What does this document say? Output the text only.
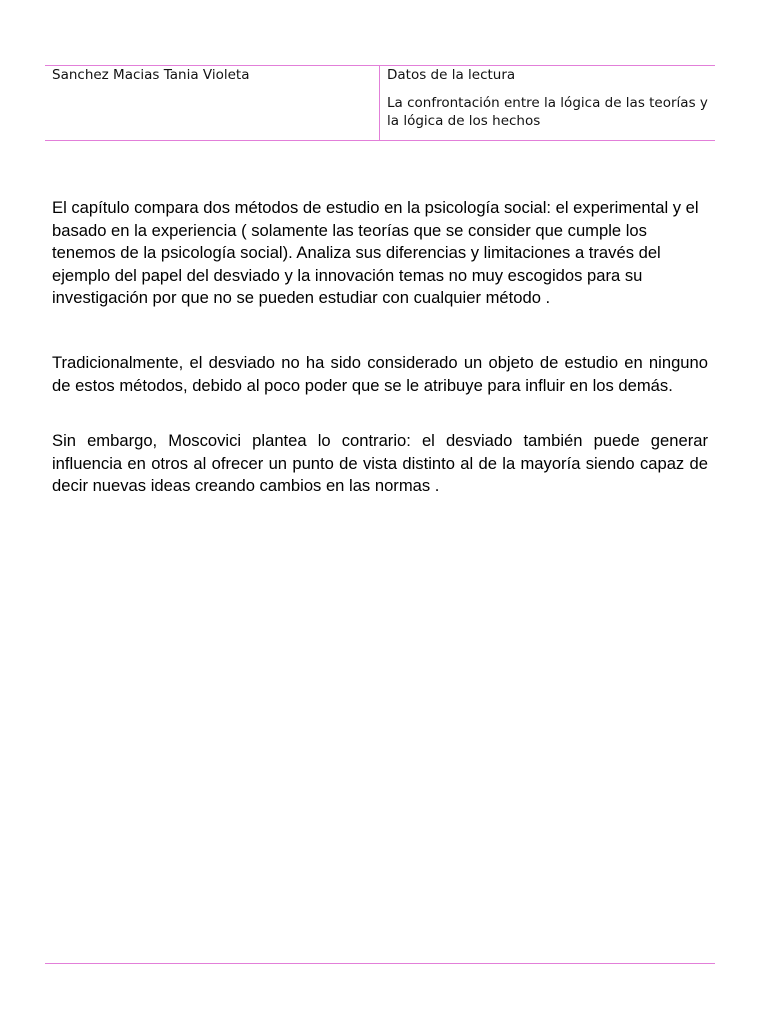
Sanchez Macias Tania Violeta	Datos de la lectura
La confrontación entre la lógica de las teorías y la lógica de los hechos

El capítulo compara dos métodos de estudio en la psicología social: el experimental y el basado en la experiencia ( solamente las teorías que se consider que cumple los tenemos de la psicología social). Analiza sus diferencias y limitaciones a través del ejemplo del papel del desviado y la innovación temas no muy escogidos para su investigación por que no se pueden estudiar con cualquier método .

Tradicionalmente, el desviado no ha sido considerado un objeto de estudio en ninguno de estos métodos, debido al poco poder que se le atribuye para influir en los demás.

Sin embargo, Moscovici plantea lo contrario: el desviado también puede generar influencia en otros al ofrecer un punto de vista distinto al de la mayoría siendo capaz de decir nuevas ideas creando cambios en las normas .
